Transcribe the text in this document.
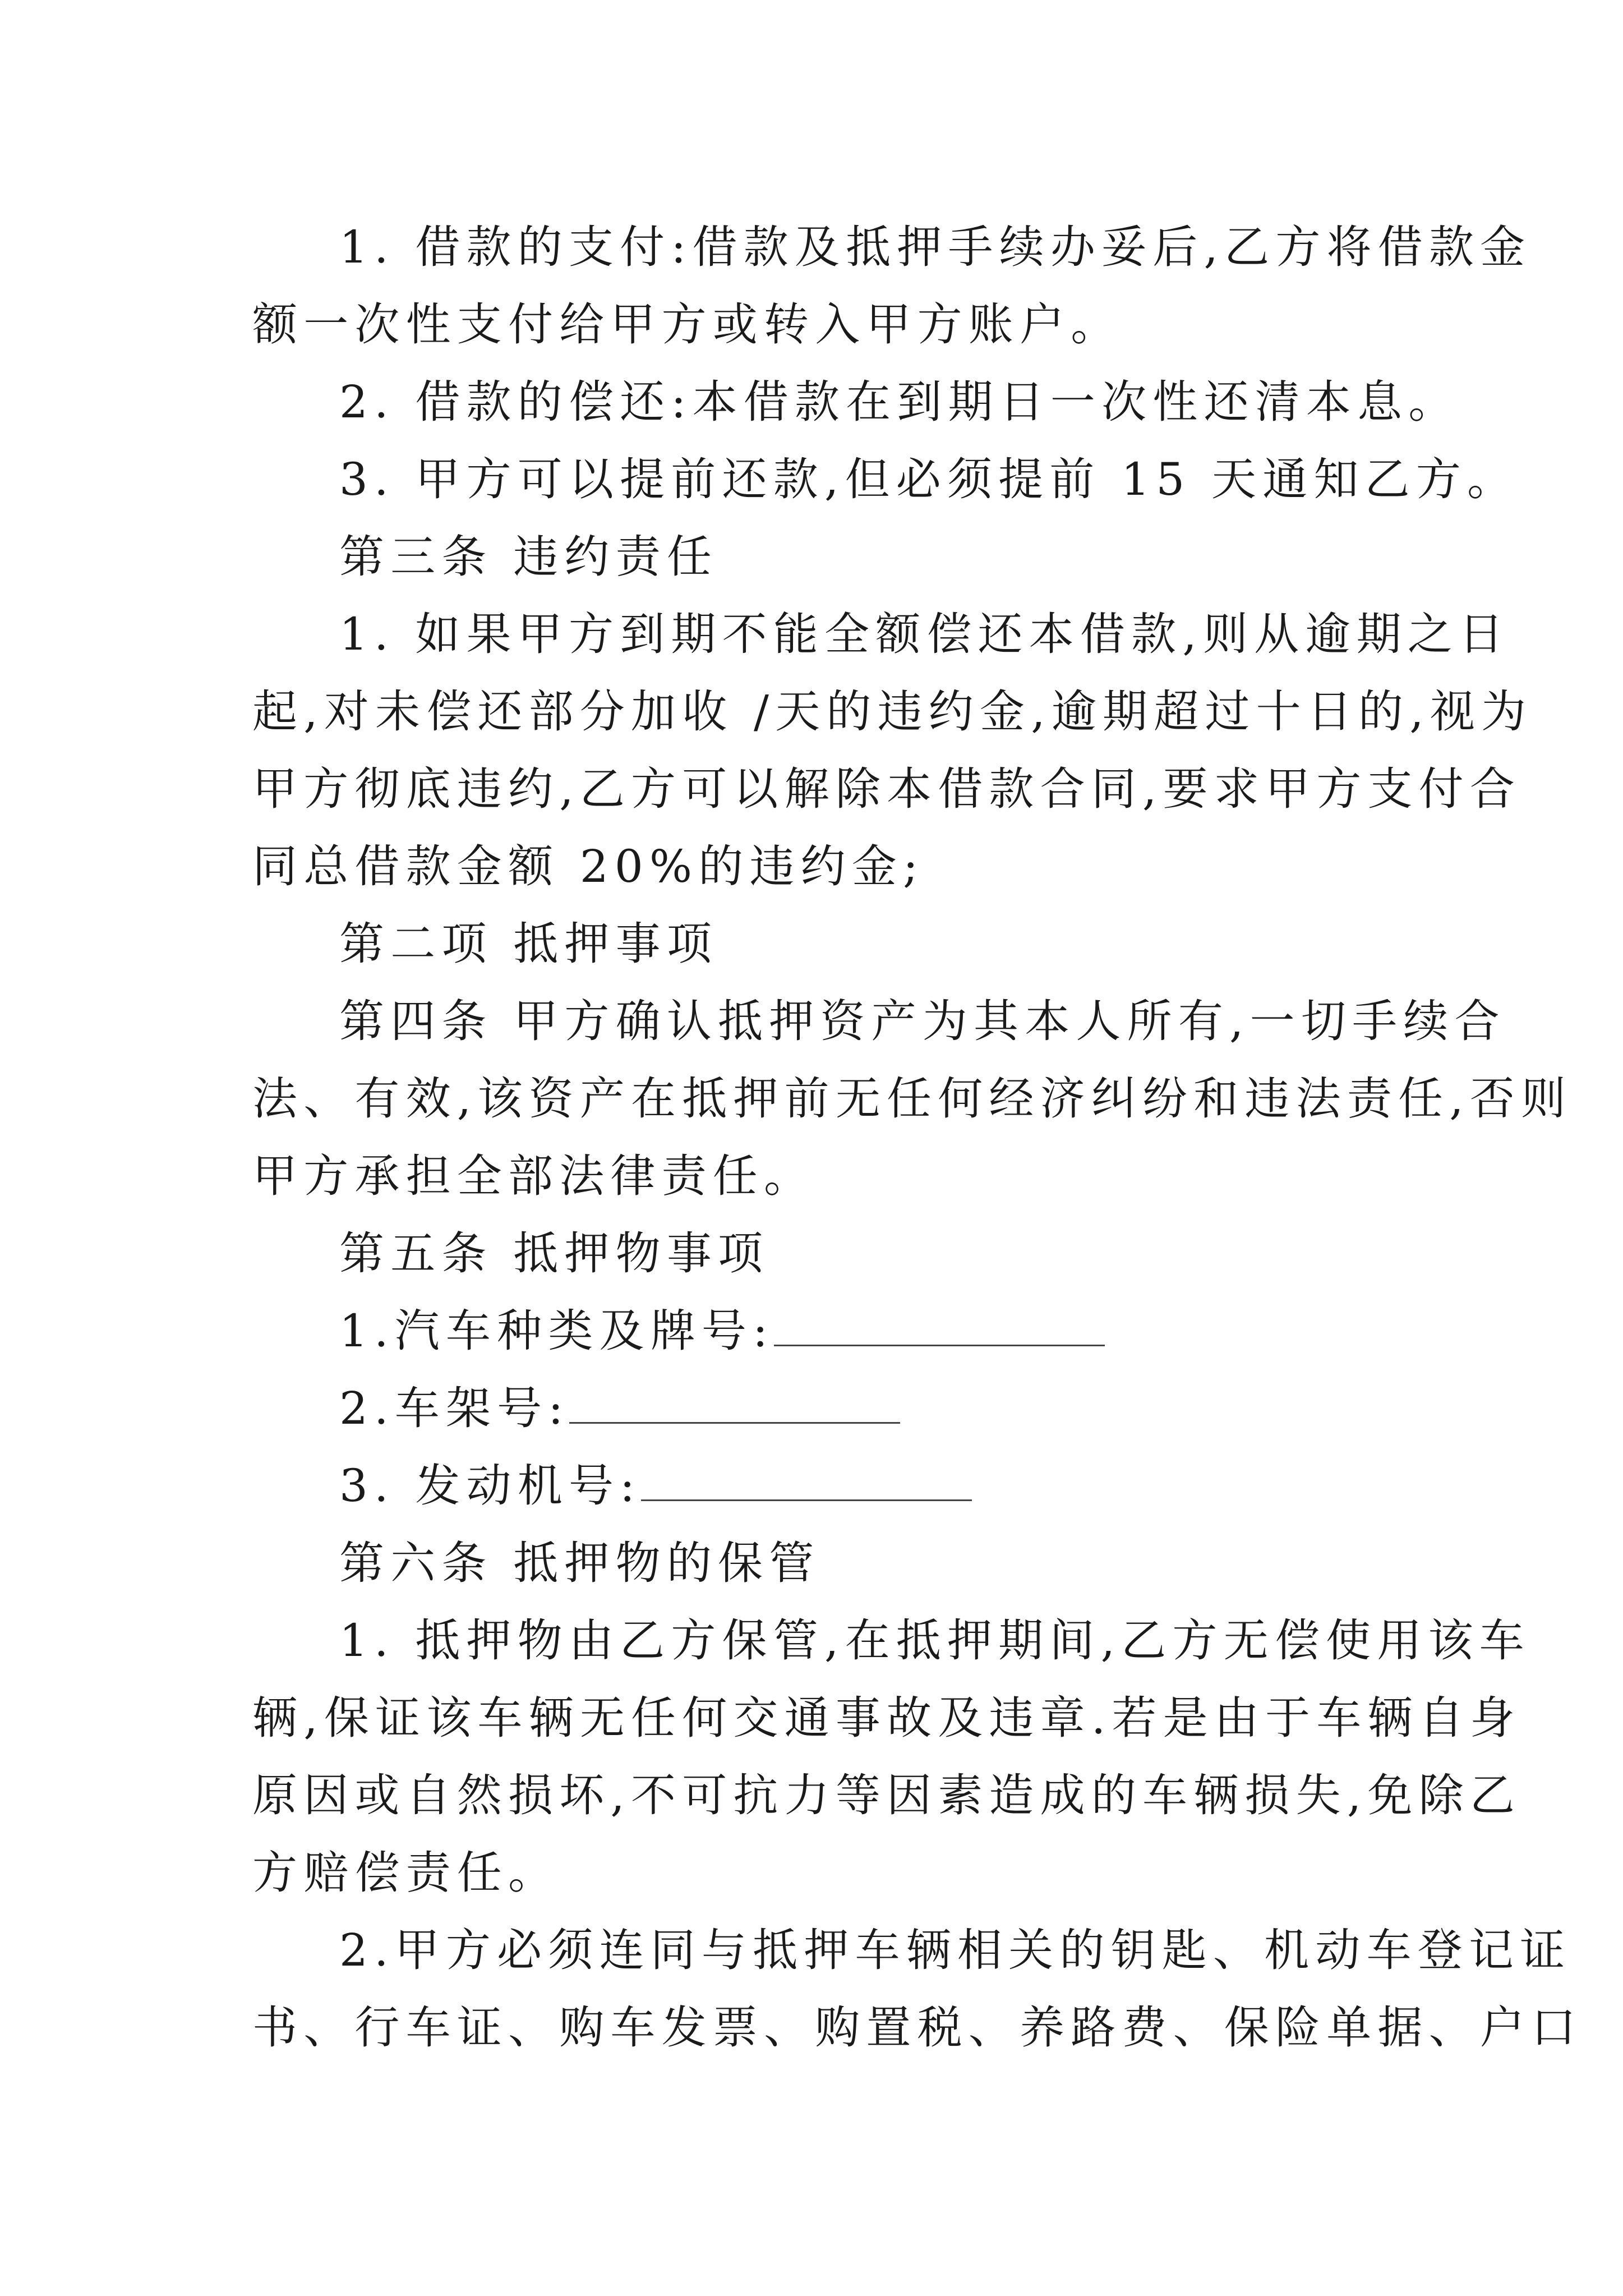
1. 借款的支付:借款及抵押手续办妥后,乙方将借款金
额一次性支付给甲方或转入甲方账户。
2. 借款的偿还:本借款在到期日一次性还清本息。
3. 甲方可以提前还款,但必须提前 15 天通知乙方。
第三条 违约责任
1. 如果甲方到期不能全额偿还本借款,则从逾期之日
起,对未偿还部分加收 /天的违约金,逾期超过十日的,视为
甲方彻底违约,乙方可以解除本借款合同,要求甲方支付合
同总借款金额 20%的违约金;
第二项 抵押事项
第四条 甲方确认抵押资产为其本人所有,一切手续合
法、有效,该资产在抵押前无任何经济纠纷和违法责任,否则
甲方承担全部法律责任。
第五条 抵押物事项
1.汽车种类及牌号:
2.车架号:
3. 发动机号:
第六条 抵押物的保管
1. 抵押物由乙方保管,在抵押期间,乙方无偿使用该车
辆,保证该车辆无任何交通事故及违章.若是由于车辆自身
原因或自然损坏,不可抗力等因素造成的车辆损失,免除乙
方赔偿责任。
2.甲方必须连同与抵押车辆相关的钥匙、机动车登记证
书、行车证、购车发票、购置税、养路费、保险单据、户口
